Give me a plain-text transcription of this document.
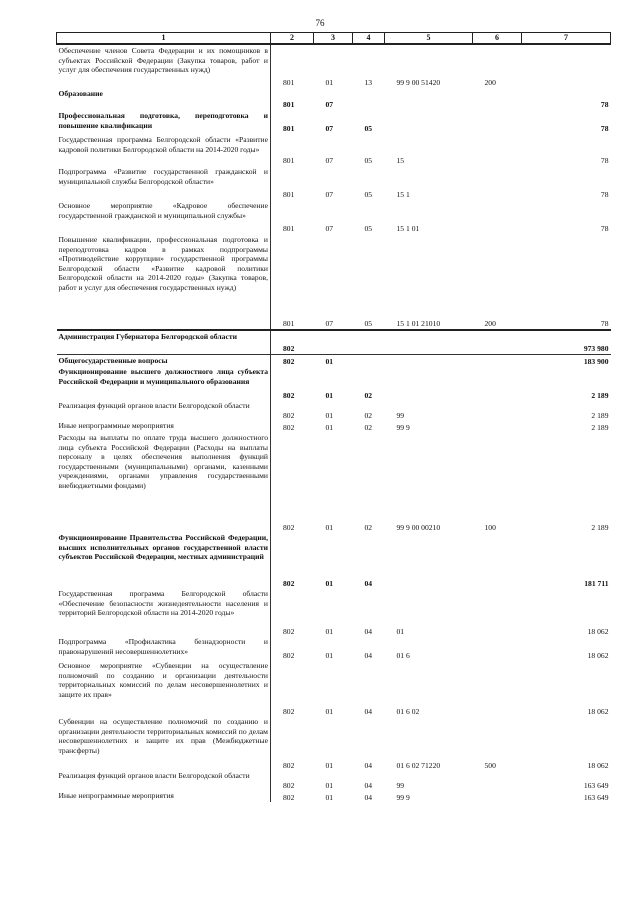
76
1	2	3	4	5	6	7
Обеспечение членов Совета Федерации и их помощников в субъектах Российской Федерации (Закупка товаров, работ и услуг для обеспечения государственных нужд)	801	01	13	99 9 00 51420	200	
Образование	801	07				78
Профессиональная подготовка, переподготовка и повышение квалификации	801	07	05			78
Государственная программа Белгородской области «Развитие кадровой политики Белгородской области на 2014-2020 годы»	801	07	05	15		78
Подпрограмма «Развитие государственной гражданской и муниципальной службы Белгородской области»	801	07	05	15 1		78
Основное мероприятие «Кадровое обеспечение государственной гражданской и муниципальной службы»	801	07	05	15 1 01		78
Повышение квалификации, профессиональная подготовка и переподготовка кадров в рамках подпрограммы «Противодействие коррупции» государственной программы Белгородской области «Развитие кадровой политики Белгородской области на 2014-2020 годы» (Закупка товаров, работ и услуг для обеспечения государственных нужд)	801	07	05	15 1 01 21010	200	78
Администрация Губернатора Белгородской области	802					973 980
Общегосударственные вопросы	802	01				183 900
Функционирование высшего должностного лица субъекта Российской Федерации и муниципального образования	802	01	02			2 189
Реализация функций органов власти Белгородской области	802	01	02	99		2 189
Иные непрограммные мероприятия	802	01	02	99 9		2 189
Расходы на выплаты по оплате труда высшего должностного лица субъекта Российской Федерации (Расходы на выплаты персоналу в целях обеспечения выполнения функций государственными (муниципальными) органами, казенными учреждениями, органами управления государственными внебюджетными фондами)	802	01	02	99 9 00 00210	100	2 189
Функционирование Правительства Российской Федерации, высших исполнительных органов государственной власти субъектов Российской Федерации, местных администраций	802	01	04			181 711
Государственная программа Белгородской области «Обеспечение безопасности жизнедеятельности населения и территорий Белгородской области на 2014-2020 годы»	802	01	04	01		18 062
Подпрограмма «Профилактика безнадзорности и правонарушений несовершеннолетних»	802	01	04	01 6		18 062
Основное мероприятие «Субвенции на осуществление полномочий по созданию и организации деятельности территориальных комиссий по делам несовершеннолетних и защите их прав»	802	01	04	01 6 02		18 062
Субвенции на осуществление полномочий по созданию и организации деятельности территориальных комиссий по делам несовершеннолетних и защите их прав (Межбюджетные трансферты)	802	01	04	01 6 02 71220	500	18 062
Реализация функций органов власти Белгородской области	802	01	04	99		163 649
Иные непрограммные мероприятия	802	01	04	99 9		163 649
